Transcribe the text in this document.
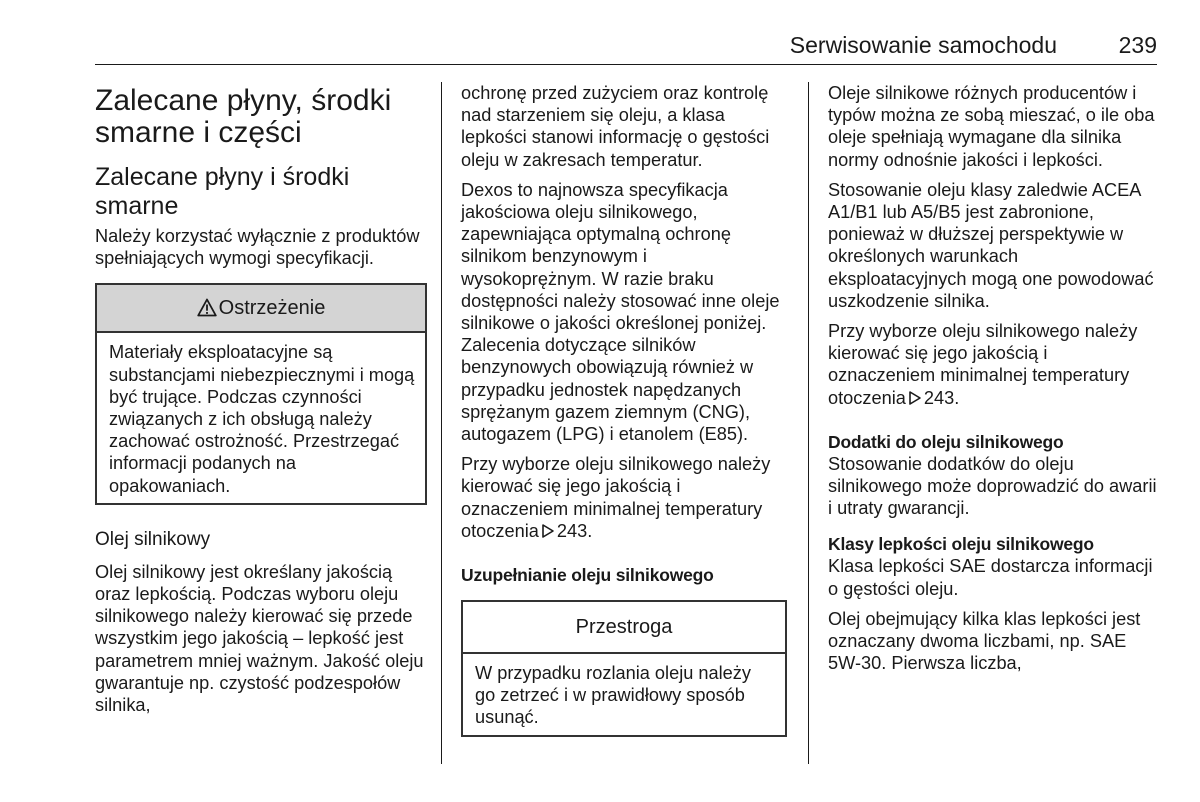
Serwisowanie samochodu	239
Zalecane płyny, środki smarne i części
Zalecane płyny i środki smarne

Należy korzystać wyłącznie z produktów spełniających wymogi specyfikacji.

Ostrzeżenie

Materiały eksploatacyjne są substancjami niebezpiecznymi i mogą być trujące. Podczas czynności związanych z ich obsługą należy zachować ostrożność. Przestrzegać informacji podanych na opakowaniach.

Olej silnikowy

Olej silnikowy jest określany jakością oraz lepkością. Podczas wyboru oleju silnikowego należy kierować się przede wszystkim jego jakością – lepkość jest parametrem mniej ważnym. Jakość oleju gwarantuje np. czystość podzespołów silnika,

ochronę przed zużyciem oraz kontrolę nad starzeniem się oleju, a klasa lepkości stanowi informację o gęstości oleju w zakresach temperatur.

Dexos to najnowsza specyfikacja jakościowa oleju silnikowego, zapewniająca optymalną ochronę silnikom benzynowym i wysokoprężnym. W razie braku dostępności należy stosować inne oleje silnikowe o jakości określonej poniżej. Zalecenia dotyczące silników benzynowych obowiązują również w przypadku jednostek napędzanych sprężanym gazem ziemnym (CNG), autogazem (LPG) i etanolem (E85).

Przy wyborze oleju silnikowego należy kierować się jego jakością i oznaczeniem minimalnej temperatury otoczenia 243.

Uzupełnianie oleju silnikowego
Przestroga

W przypadku rozlania oleju należy go zetrzeć i w prawidłowy sposób usunąć.

Oleje silnikowe różnych producentów i typów można ze sobą mieszać, o ile oba oleje spełniają wymagane dla silnika normy odnośnie jakości i lepkości.

Stosowanie oleju klasy zaledwie ACEA A1/B1 lub A5/B5 jest zabronione, ponieważ w dłuższej perspektywie w określonych warunkach eksploatacyjnych mogą one powodować uszkodzenie silnika.

Przy wyborze oleju silnikowego należy kierować się jego jakością i oznaczeniem minimalnej temperatury otoczenia 243.

Dodatki do oleju silnikowego

Stosowanie dodatków do oleju silnikowego może doprowadzić do awarii i utraty gwarancji.

Klasy lepkości oleju silnikowego

Klasa lepkości SAE dostarcza informacji o gęstości oleju.

Olej obejmujący kilka klas lepkości jest oznaczany dwoma liczbami, np. SAE 5W-30. Pierwsza liczba,
